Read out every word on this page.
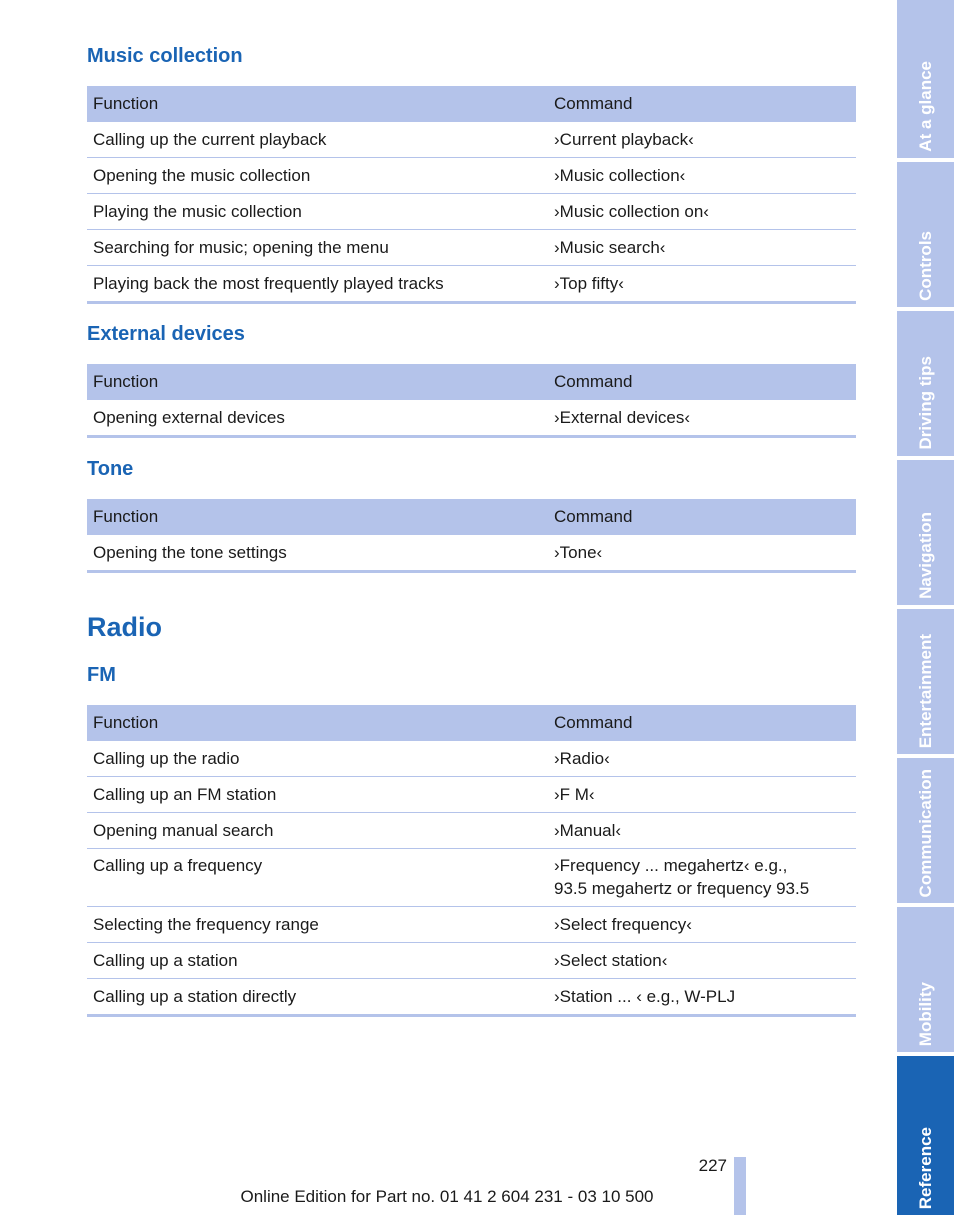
Music collection
Function	Command
Calling up the current playback	›Current playback‹
Opening the music collection	›Music collection‹
Playing the music collection	›Music collection on‹
Searching for music; opening the menu	›Music search‹
Playing back the most frequently played tracks	›Top fifty‹
External devices
Function	Command
Opening external devices	›External devices‹
Tone
Function	Command
Opening the tone settings	›Tone‹
Radio
FM
Function	Command
Calling up the radio	›Radio‹
Calling up an FM station	›F M‹
Opening manual search	›Manual‹
Calling up a frequency	›Frequency ... megahertz‹ e.g.,
93.5 megahertz or frequency 93.5

Selecting the frequency range	›Select frequency‹
Calling up a station	›Select station‹
Calling up a station directly	›Station ... ‹ e.g., W-PLJ
At a glance
Controls
Driving tips
Navigation
Entertainment
Communication
Mobility
Reference
227
Online Edition for Part no. 01 41 2 604 231 - 03 10 500
